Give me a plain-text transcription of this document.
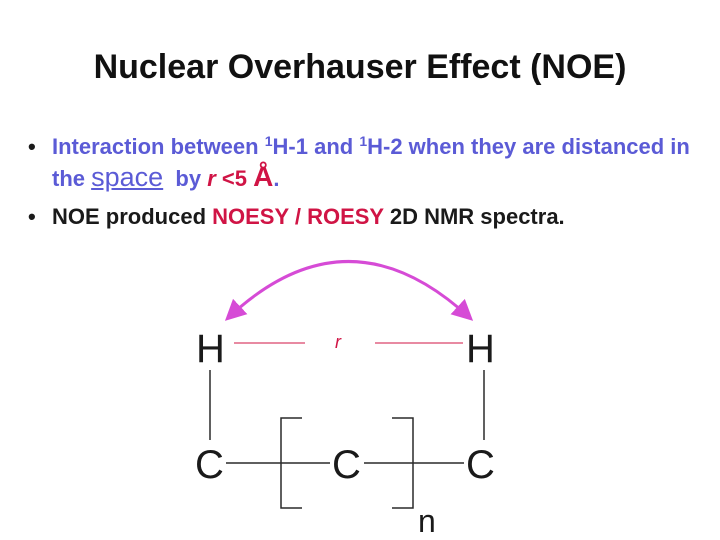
Nuclear Overhauser Effect (NOE)
• Interaction between $^1$H-1 and $^1$H-2 when they are distanced in the space  by r <5 Å.
• NOE produced NOESY / ROESY 2D NMR spectra.
H	H
r
C	C	C
n
